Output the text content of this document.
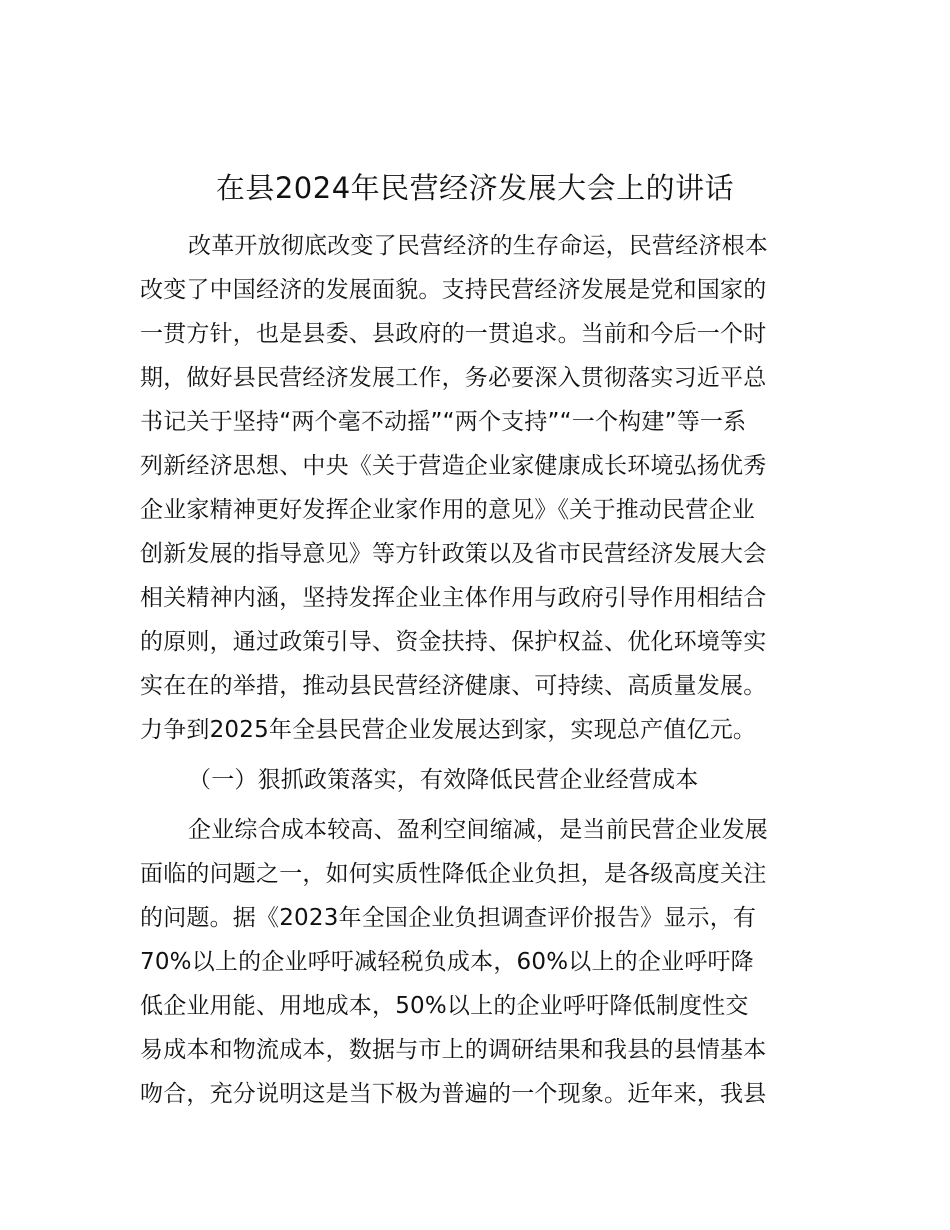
在县2024年民营经济发展大会上的讲话
改革开放彻底改变了民营经济的生存命运，民营经济根本
改变了中国经济的发展面貌。支持民营经济发展是党和国家的
一贯方针，也是县委、县政府的一贯追求。当前和今后一个时
期，做好县民营经济发展工作，务必要深入贯彻落实习近平总
书记关于坚持“两个毫不动摇”“两个支持”“一个构建”等一系
列新经济思想、中央《关于营造企业家健康成长环境弘扬优秀
企业家精神更好发挥企业家作用的意见》《关于推动民营企业
创新发展的指导意见》等方针政策以及省市民营经济发展大会
相关精神内涵，坚持发挥企业主体作用与政府引导作用相结合
的原则，通过政策引导、资金扶持、保护权益、优化环境等实
实在在的举措，推动县民营经济健康、可持续、高质量发展。
力争到2025年全县民营企业发展达到家，实现总产值亿元。
（一）狠抓政策落实，有效降低民营企业经营成本
企业综合成本较高、盈利空间缩减，是当前民营企业发展
面临的问题之一，如何实质性降低企业负担，是各级高度关注
的问题。据《2023年全国企业负担调查评价报告》显示，有
70%以上的企业呼吁减轻税负成本，60%以上的企业呼吁降
低企业用能、用地成本，50%以上的企业呼吁降低制度性交
易成本和物流成本，数据与市上的调研结果和我县的县情基本
吻合，充分说明这是当下极为普遍的一个现象。近年来，我县
